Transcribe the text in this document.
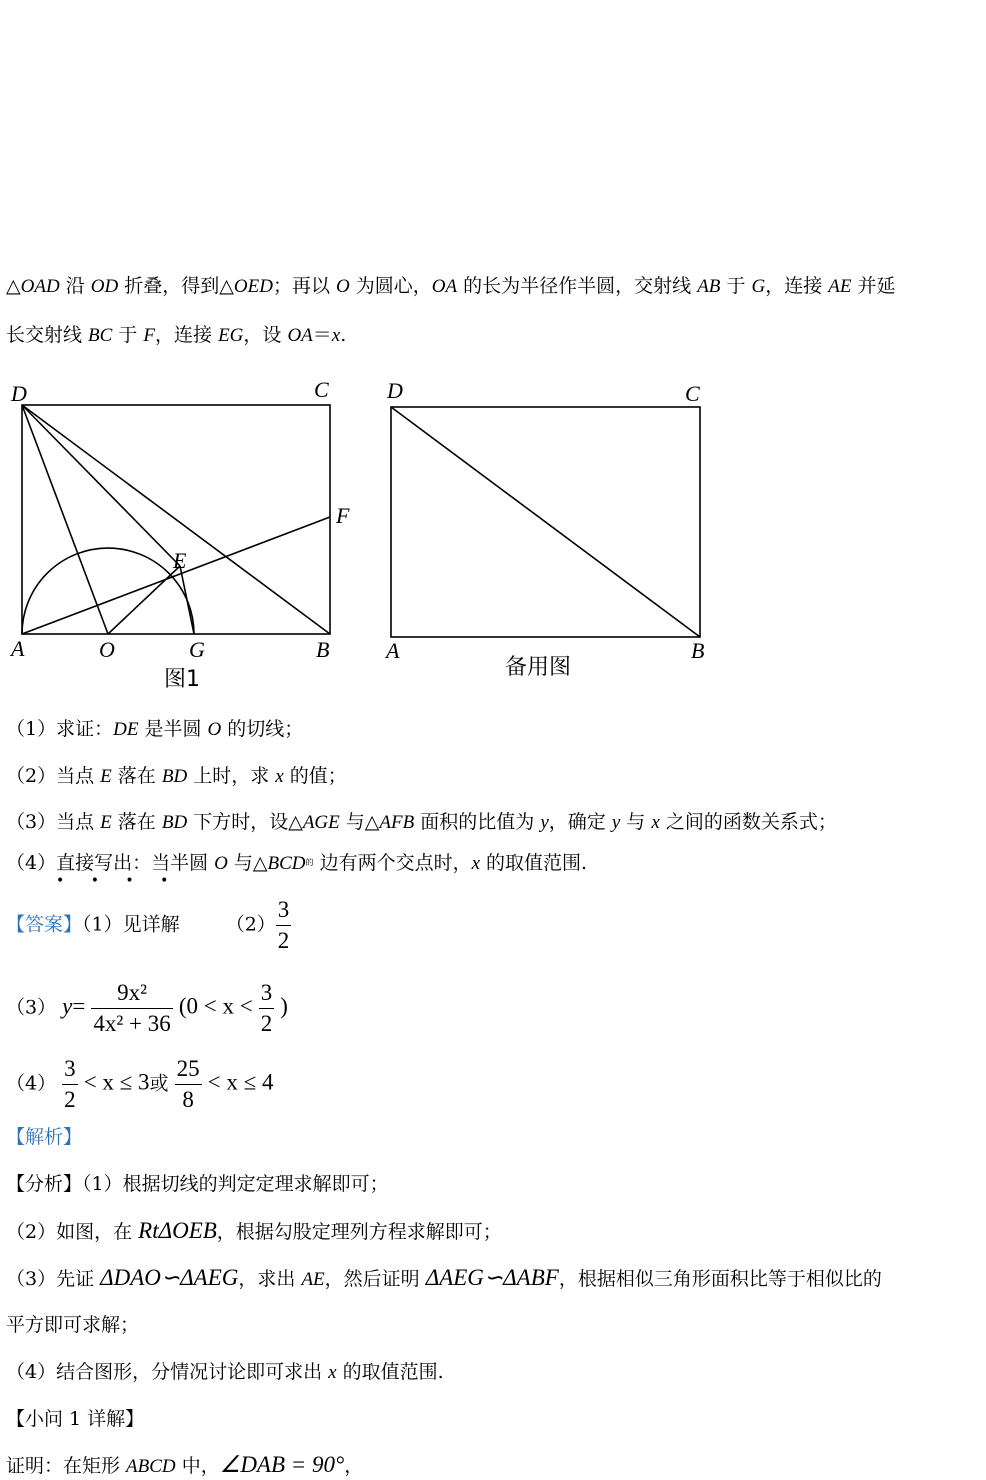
△OAD 沿 OD 折叠，得到△OED；再以 O 为圆心，OA 的长为半径作半圆，交射线 AB 于 G，连接 AE 并延
长交射线 BC 于 F，连接 EG，设 OA＝x.
D	C
F
E
A	O	G	B
图1
D	C
A	B
备用图
（1）求证：DE 是半圆 O 的切线；
（2）当点 E 落在 BD 上时，求 x 的值；
（3）当点 E 落在 BD 下方时，设△AGE 与△AFB 面积的比值为 y，确定 y 与 x 之间的函数关系式；
（4）直接写出：当半圆 O 与$\triangle BCD^的$ 边有两个交点时，x 的取值范围.
• • • •
【答案】（1）见详解 $(2) \frac{3}{2}$
（3） $y= \frac{\text{9x²}}{\text{4x² + 36}} (0 < x < \frac{3}{2}$ )
$(4) \frac{3}{2} < x \le 3$或 $\frac{25}{8} < x \le 4$
【解析】
【分析】（1）根据切线的判定定理求解即可；
（2）如图，在 RtΔOEB，根据勾股定理列方程求解即可；
（3）先证 ΔDAO∽ΔAEG，求出 AE，然后证明 ΔAEG∽ΔABF，根据相似三角形面积比等于相似比的
平方即可求解；
（4）结合图形，分情况讨论即可求出 x 的取值范围.
【小问 1 详解】
证明：在矩形 ABCD 中，∠DAB = 90°，
